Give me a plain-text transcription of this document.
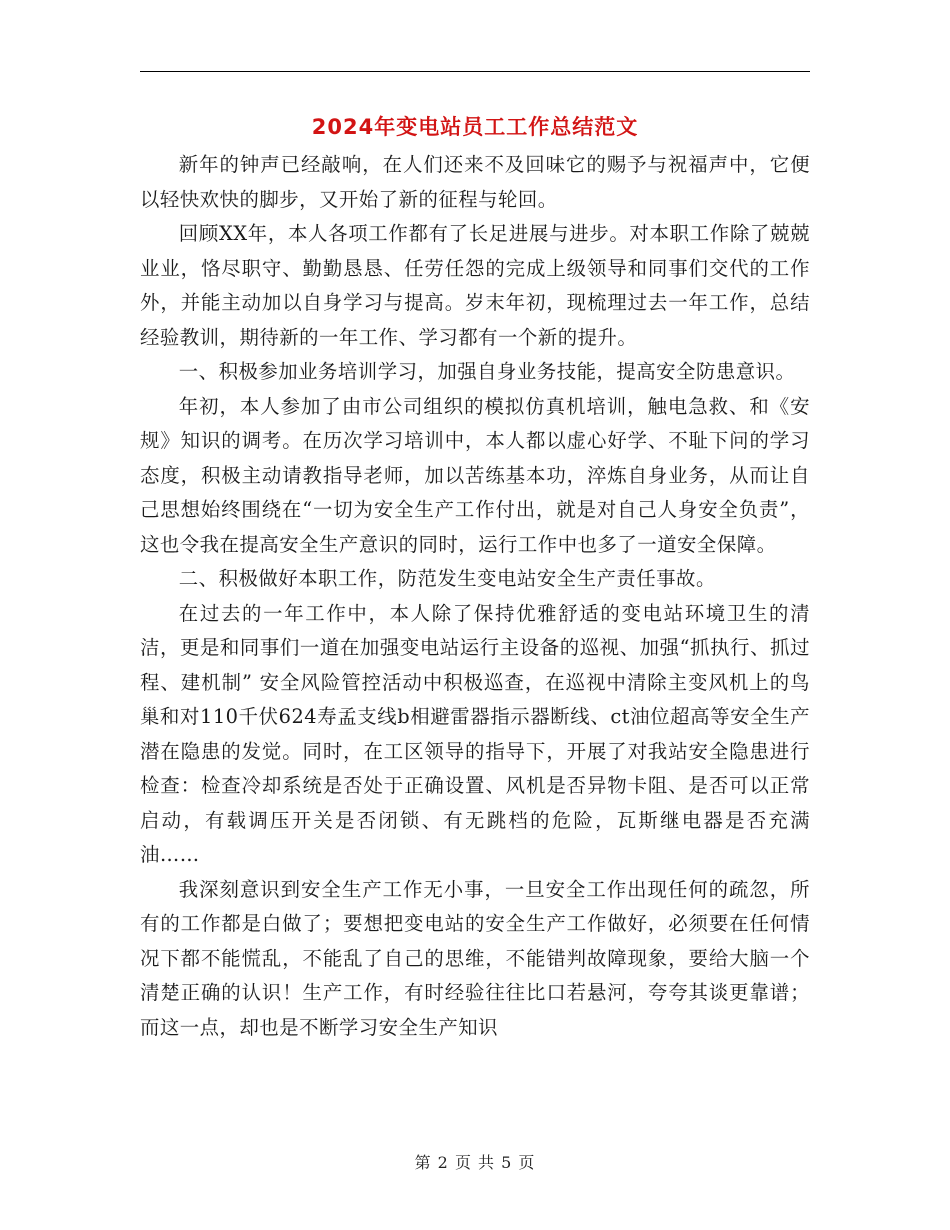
2024年变电站员工工作总结范文

新年的钟声已经敲响，在人们还来不及回味它的赐予与祝福声中，它便以轻快欢快的脚步，又开始了新的征程与轮回。

回顾XX年，本人各项工作都有了长足进展与进步。对本职工作除了兢兢业业，恪尽职守、勤勤恳恳、任劳任怨的完成上级领导和同事们交代的工作外，并能主动加以自身学习与提高。岁末年初，现梳理过去一年工作，总结经验教训，期待新的一年工作、学习都有一个新的提升。

一、积极参加业务培训学习，加强自身业务技能，提高安全防患意识。

年初，本人参加了由市公司组织的模拟仿真机培训，触电急救、和《安规》知识的调考。在历次学习培训中，本人都以虚心好学、不耻下问的学习态度，积极主动请教指导老师，加以苦练基本功，淬炼自身业务，从而让自己思想始终围绕在“一切为安全生产工作付出，就是对自己人身安全负责”，这也令我在提高安全生产意识的同时，运行工作中也多了一道安全保障。

二、积极做好本职工作，防范发生变电站安全生产责任事故。

在过去的一年工作中，本人除了保持优雅舒适的变电站环境卫生的清洁，更是和同事们一道在加强变电站运行主设备的巡视、加强“抓执行、抓过程、建机制” 安全风险管控活动中积极巡查，在巡视中清除主变风机上的鸟巢和对110千伏624寿孟支线b相避雷器指示器断线、ct油位超高等安全生产潜在隐患的发觉。同时，在工区领导的指导下，开展了对我站安全隐患进行检查：检查冷却系统是否处于正确设置、风机是否异物卡阻、是否可以正常启动，有载调压开关是否闭锁、有无跳档的危险，瓦斯继电器是否充满油……

我深刻意识到安全生产工作无小事，一旦安全工作出现任何的疏忽，所有的工作都是白做了；要想把变电站的安全生产工作做好，必须要在任何情况下都不能慌乱，不能乱了自己的思维，不能错判故障现象，要给大脑一个清楚正确的认识！生产工作，有时经验往往比口若悬河，夸夸其谈更靠谱；而这一点，却也是不断学习安全生产知识

第 2 页 共 5 页
